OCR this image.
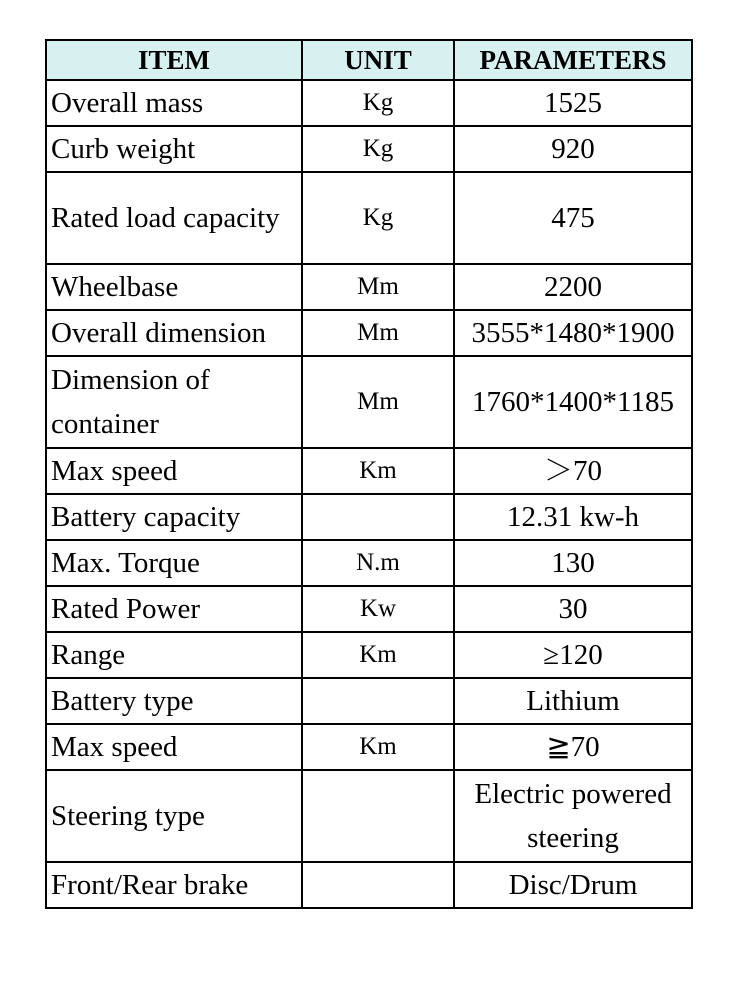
ITEM	UNIT	PARAMETERS
Overall mass	Kg	1525
Curb weight	Kg	920
Rated load capacity	Kg	475
Wheelbase	Mm	2200
Overall dimension	Mm	3555*1480*1900
Dimension of container	Mm	1760*1400*1185
Max speed	Km	＞70
Battery capacity		12.31 kw-h
Max. Torque	N.m	130
Rated Power	Kw	30
Range	Km	≥120
Battery type		Lithium
Max speed	Km	≧70
Steering type		Electric powered steering
Front/Rear brake		Disc/Drum
